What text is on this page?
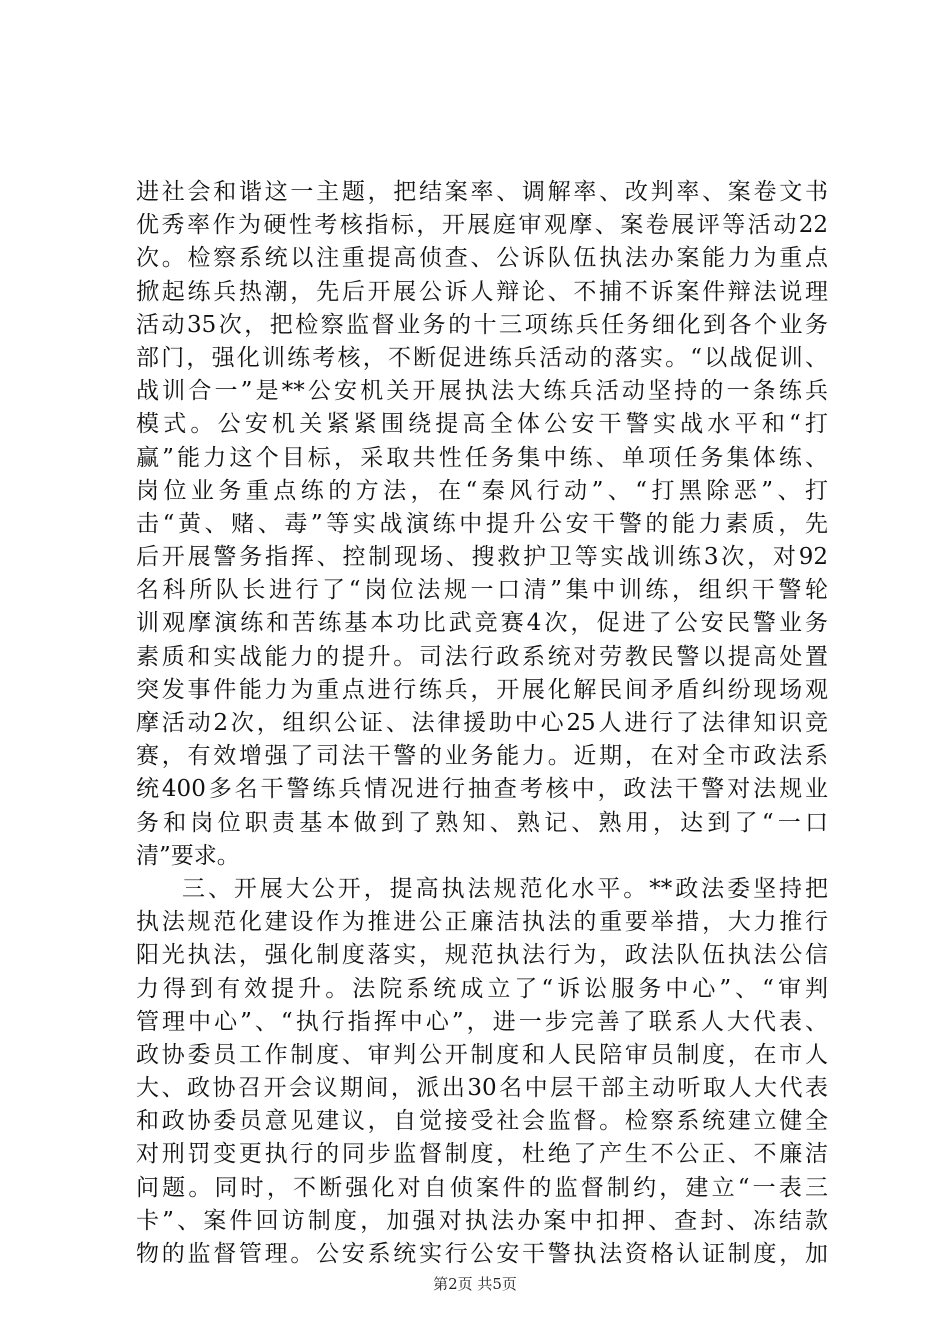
进社会和谐这一主题，把结案率、调解率、改判率、案卷文书
优秀率作为硬性考核指标，开展庭审观摩、案卷展评等活动22
次。检察系统以注重提高侦查、公诉队伍执法办案能力为重点
掀起练兵热潮，先后开展公诉人辩论、不捕不诉案件辩法说理
活动35次，把检察监督业务的十三项练兵任务细化到各个业务
部门，强化训练考核，不断促进练兵活动的落实。“以战促训、
战训合一”是**公安机关开展执法大练兵活动坚持的一条练兵
模式。公安机关紧紧围绕提高全体公安干警实战水平和“打
赢”能力这个目标，采取共性任务集中练、单项任务集体练、
岗位业务重点练的方法，在“秦风行动”、“打黑除恶”、打
击“黄、赌、毒”等实战演练中提升公安干警的能力素质，先
后开展警务指挥、控制现场、搜救护卫等实战训练3次，对92
名科所队长进行了“岗位法规一口清”集中训练，组织干警轮
训观摩演练和苦练基本功比武竞赛4次，促进了公安民警业务
素质和实战能力的提升。司法行政系统对劳教民警以提高处置
突发事件能力为重点进行练兵，开展化解民间矛盾纠纷现场观
摩活动2次，组织公证、法律援助中心25人进行了法律知识竞
赛，有效增强了司法干警的业务能力。近期，在对全市政法系
统400多名干警练兵情况进行抽查考核中，政法干警对法规业
务和岗位职责基本做到了熟知、熟记、熟用，达到了“一口
清”要求。
三、开展大公开，提高执法规范化水平。**政法委坚持把
执法规范化建设作为推进公正廉洁执法的重要举措，大力推行
阳光执法，强化制度落实，规范执法行为，政法队伍执法公信
力得到有效提升。法院系统成立了“诉讼服务中心”、“审判
管理中心”、“执行指挥中心”，进一步完善了联系人大代表、
政协委员工作制度、审判公开制度和人民陪审员制度，在市人
大、政协召开会议期间，派出30名中层干部主动听取人大代表
和政协委员意见建议，自觉接受社会监督。检察系统建立健全
对刑罚变更执行的同步监督制度，杜绝了产生不公正、不廉洁
问题。同时，不断强化对自侦案件的监督制约，建立“一表三
卡”、案件回访制度，加强对执法办案中扣押、查封、冻结款
物的监督管理。公安系统实行公安干警执法资格认证制度，加
第2页 共5页
